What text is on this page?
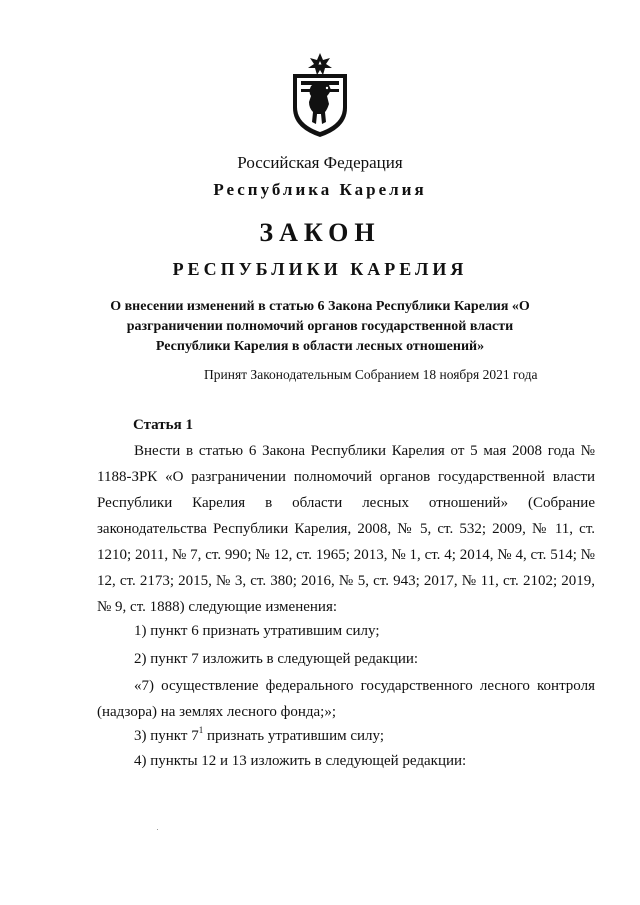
Российская Федерация
Республика Карелия
ЗАКОН
РЕСПУБЛИКИ КАРЕЛИЯ
О внесении изменений в статью 6 Закона Республики Карелия «О разграничении полномочий органов государственной власти Республики Карелия в области лесных отношений»
Принят Законодательным Собранием 18 ноября 2021 года
Статья 1
Внести в статью 6 Закона Республики Карелия от 5 мая 2008 года № 1188-ЗРК «О разграничении полномочий органов государственной власти Республики Карелия в области лесных отношений» (Собрание законодательства Республики Карелия, 2008, № 5, ст. 532; 2009, № 11, ст. 1210; 2011, № 7, ст. 990; № 12, ст. 1965; 2013, № 1, ст. 4; 2014, № 4, ст. 514; № 12, ст. 2173; 2015, № 3, ст. 380; 2016, № 5, ст. 943; 2017, № 11, ст. 2102; 2019, № 9, ст. 1888) следующие изменения:
1) пункт 6 признать утратившим силу;
2) пункт 7 изложить в следующей редакции:
«7) осуществление федерального государственного лесного контроля (надзора) на землях лесного фонда;»;
3) пункт $7^1$ признать утратившим силу;
4) пункты 12 и 13 изложить в следующей редакции:
